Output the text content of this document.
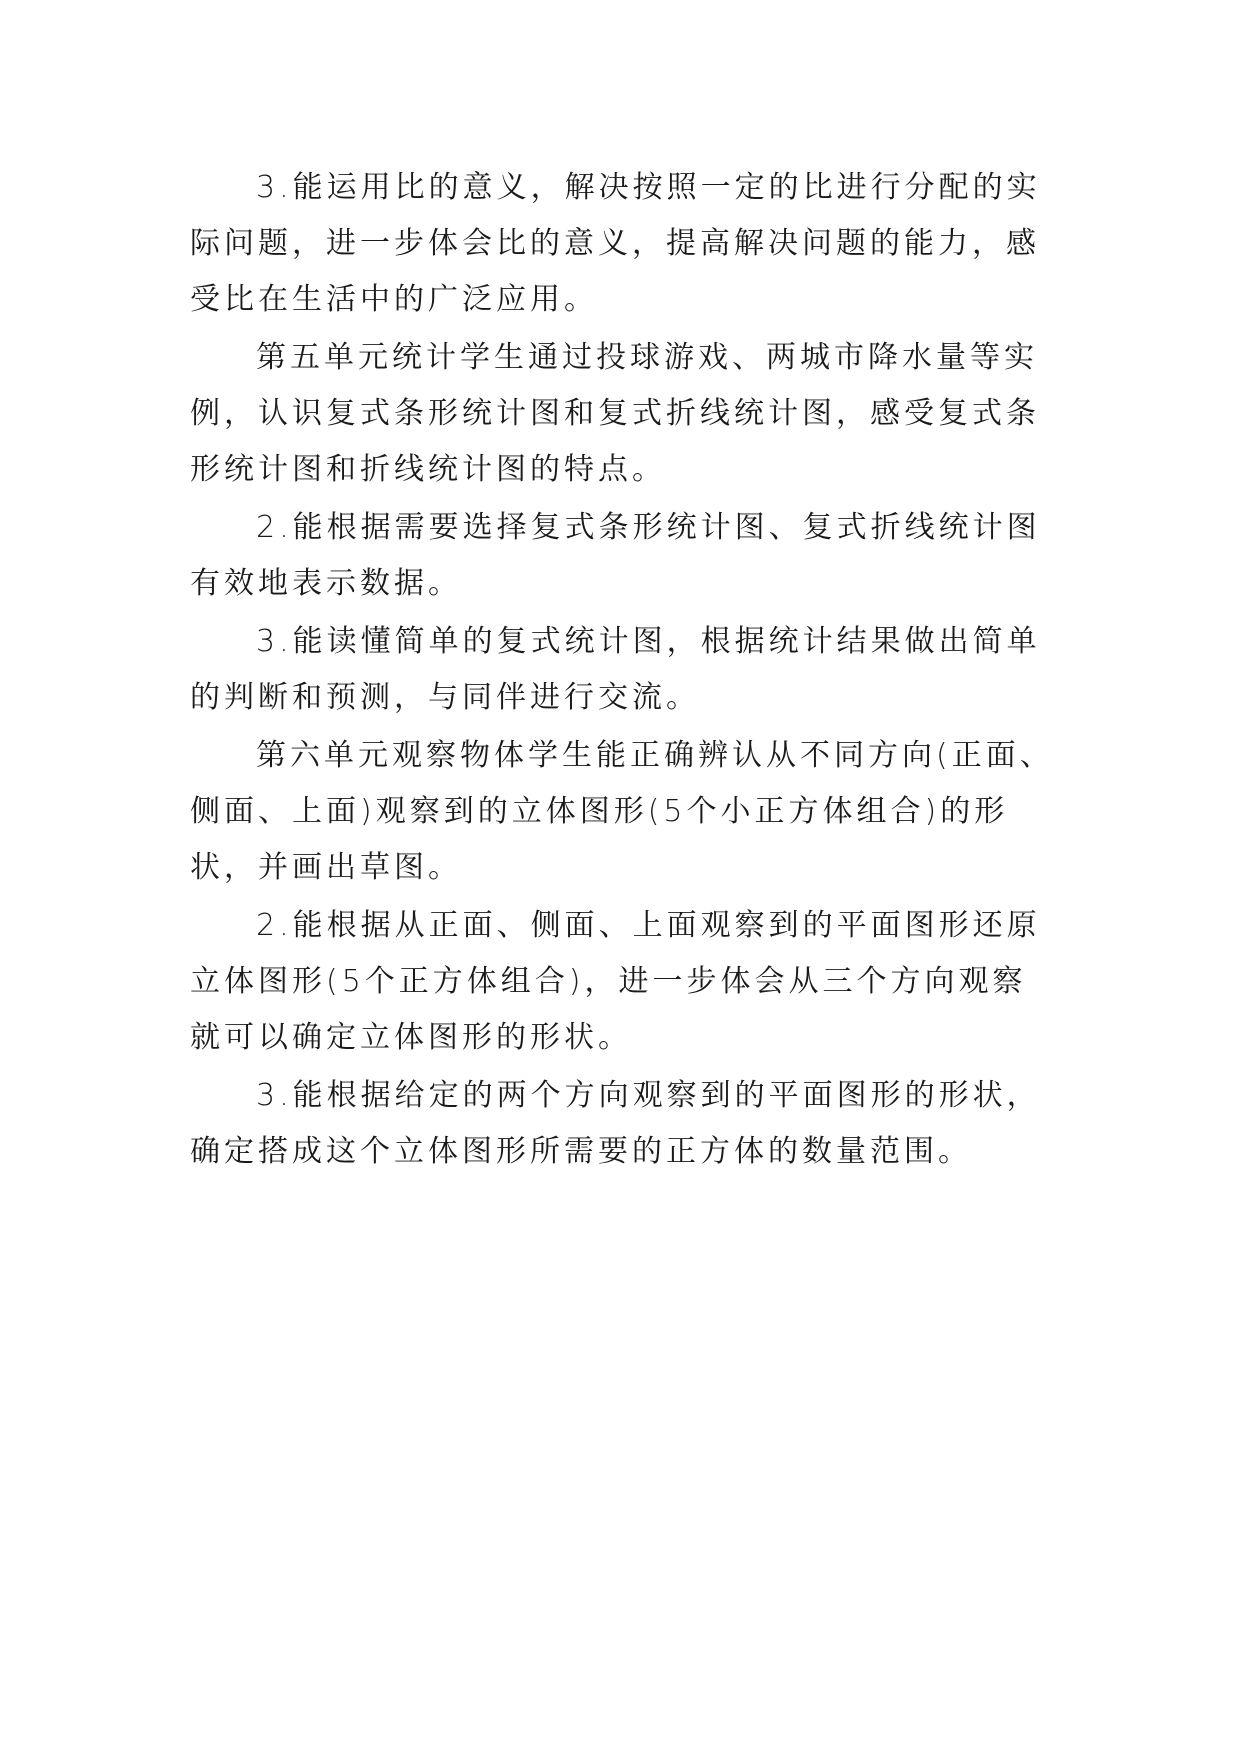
3.能运用比的意义，解决按照一定的比进行分配的实际问题，进一步体会比的意义，提高解决问题的能力，感受比在生活中的广泛应用。

第五单元统计学生通过投球游戏、两城市降水量等实例，认识复式条形统计图和复式折线统计图，感受复式条形统计图和折线统计图的特点。

2.能根据需要选择复式条形统计图、复式折线统计图有效地表示数据。

3.能读懂简单的复式统计图，根据统计结果做出简单的判断和预测，与同伴进行交流。

第六单元观察物体学生能正确辨认从不同方向(正面、侧面、上面)观察到的立体图形(5个小正方体组合)的形状，并画出草图。

2.能根据从正面、侧面、上面观察到的平面图形还原立体图形(5个正方体组合)，进一步体会从三个方向观察就可以确定立体图形的形状。

3.能根据给定的两个方向观察到的平面图形的形状，确定搭成这个立体图形所需要的正方体的数量范围。
